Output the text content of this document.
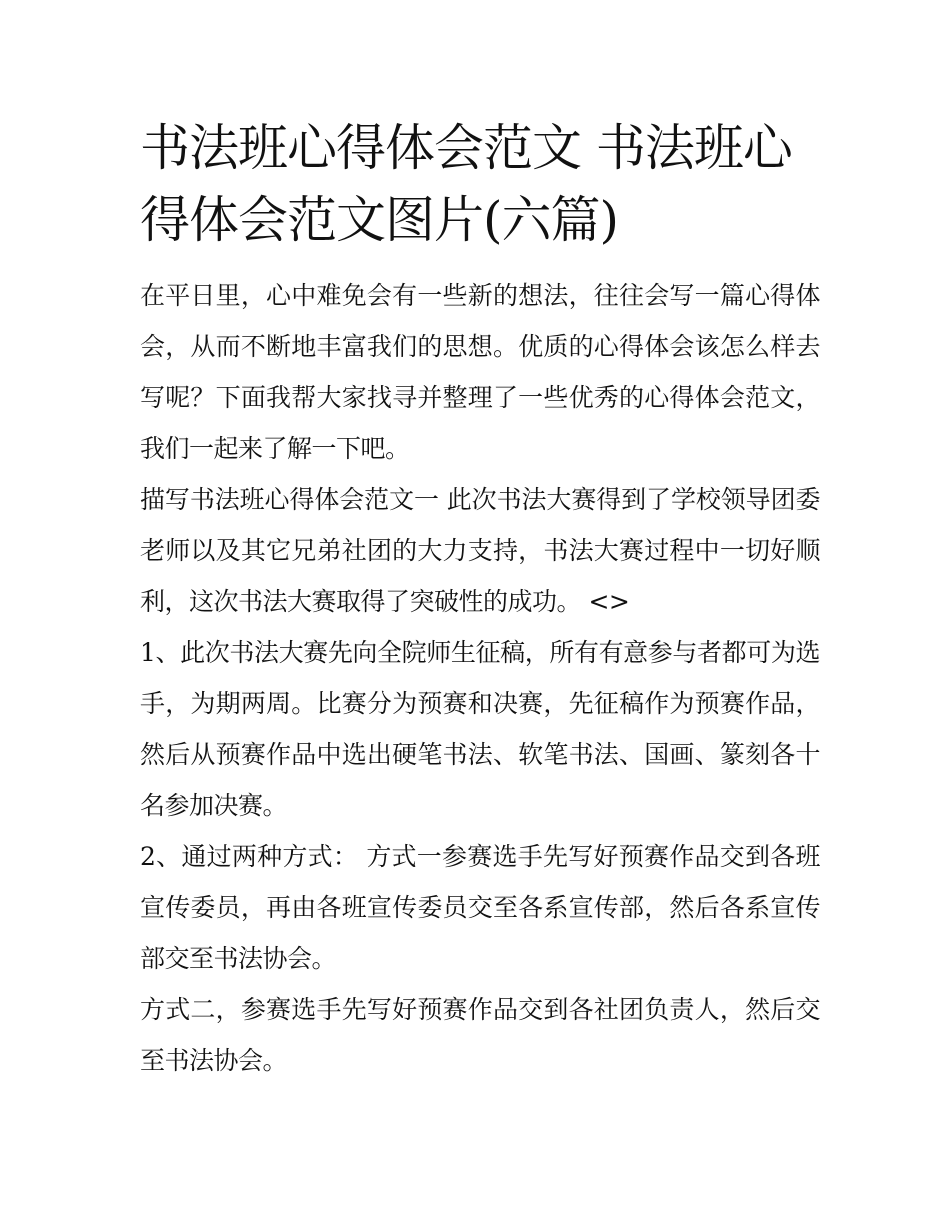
书法班心得体会范文 书法班心得体会范文图片(六篇)

在平日里，心中难免会有一些新的想法，往往会写一篇心得体会，从而不断地丰富我们的思想。优质的心得体会该怎么样去写呢？下面我帮大家找寻并整理了一些优秀的心得体会范文，我们一起来了解一下吧。

描写书法班心得体会范文一 此次书法大赛得到了学校领导团委老师以及其它兄弟社团的大力支持，书法大赛过程中一切好顺利，这次书法大赛取得了突破性的成功。 <>

1、此次书法大赛先向全院师生征稿，所有有意参与者都可为选手，为期两周。比赛分为预赛和决赛，先征稿作为预赛作品，然后从预赛作品中选出硬笔书法、软笔书法、国画、篆刻各十名参加决赛。

2、通过两种方式： 方式一参赛选手先写好预赛作品交到各班宣传委员，再由各班宣传委员交至各系宣传部，然后各系宣传部交至书法协会。

方式二，参赛选手先写好预赛作品交到各社团负责人，然后交至书法协会。
